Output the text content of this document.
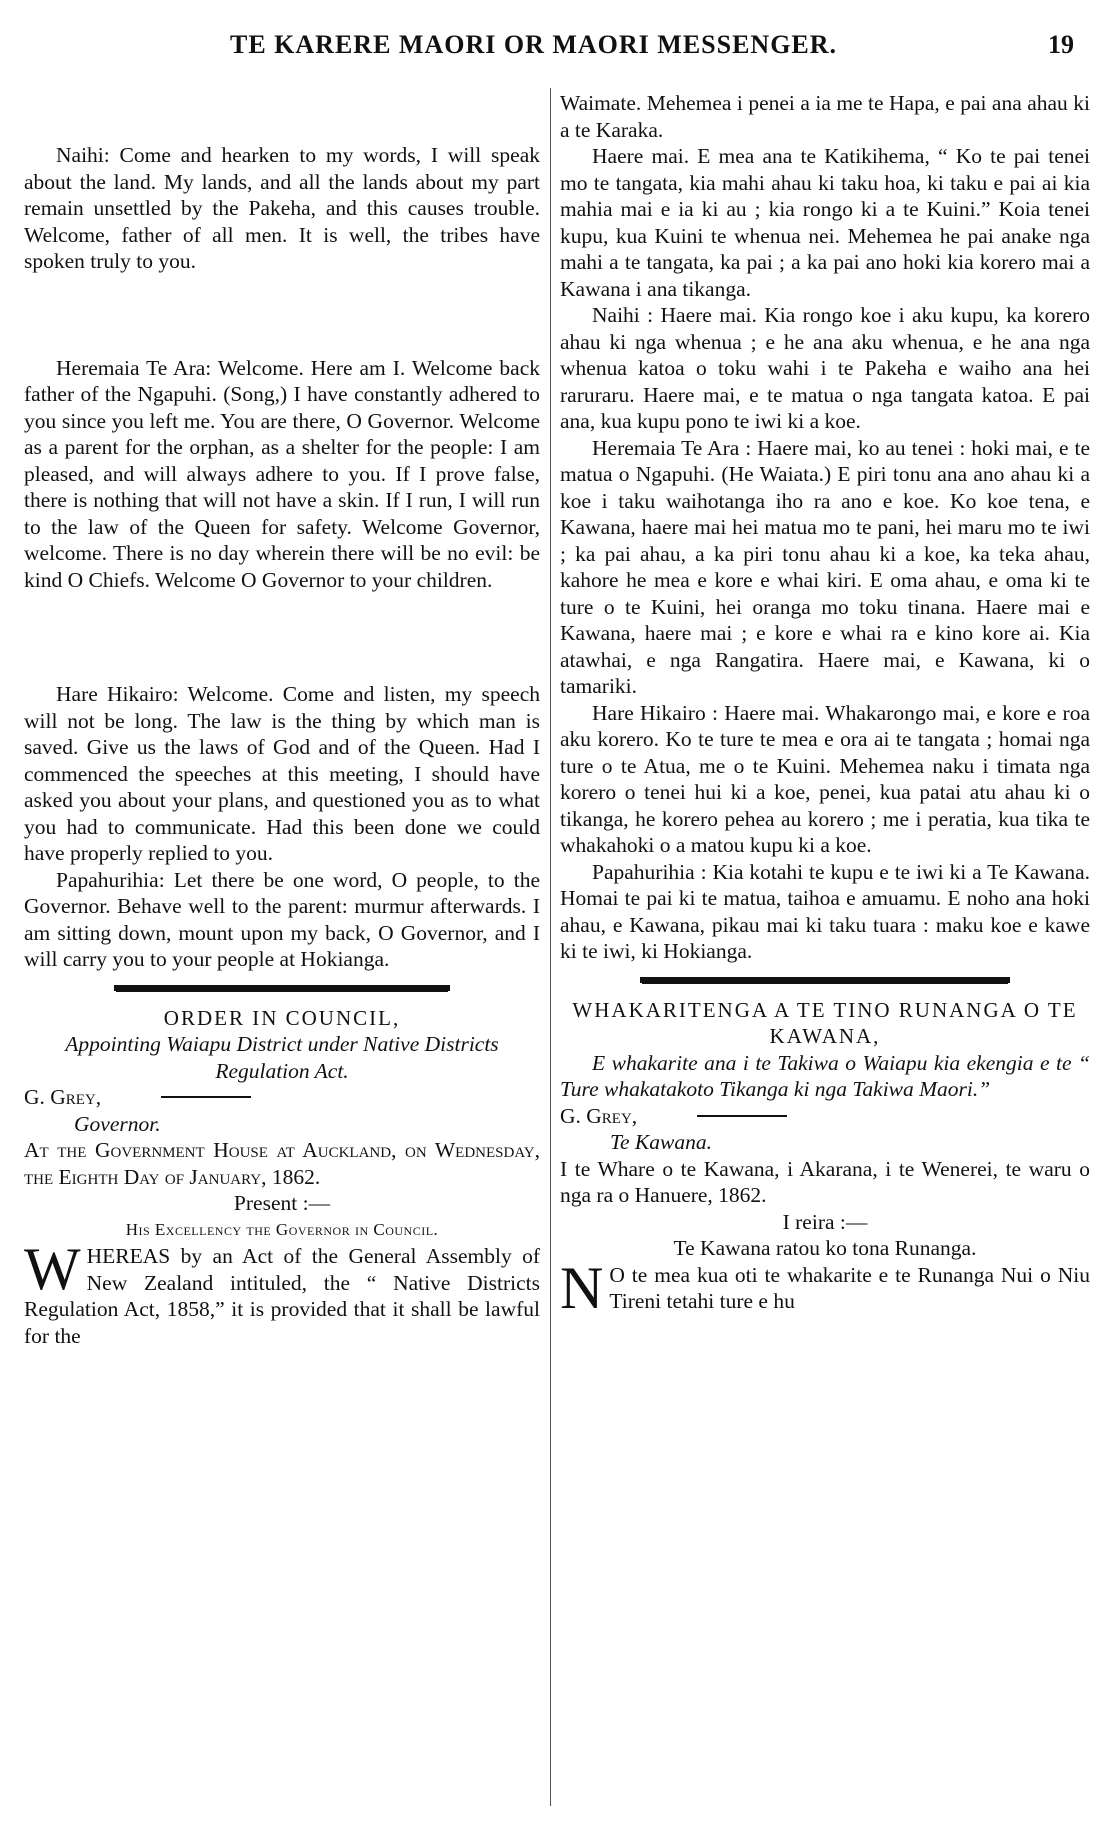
TE KARERE MAORI OR MAORI MESSENGER.	19

Naihi: Come and hearken to my words, I will speak about the land. My lands, and all the lands about my part remain unsettled by the Pakeha, and this causes trouble. Welcome, father of all men. It is well, the tribes have spoken truly to you.

Heremaia Te Ara: Welcome. Here am I. Welcome back father of the Ngapuhi. (Song,) I have constantly adhered to you since you left me. You are there, O Governor. Welcome as a parent for the orphan, as a shelter for the people: I am pleased, and will always adhere to you. If I prove false, there is nothing that will not have a skin. If I run, I will run to the law of the Queen for safety. Welcome Governor, welcome. There is no day wherein there will be no evil: be kind O Chiefs. Welcome O Governor to your children.

Hare Hikairo: Welcome. Come and listen, my speech will not be long. The law is the thing by which man is saved. Give us the laws of God and of the Queen. Had I commenced the speeches at this meeting, I should have asked you about your plans, and questioned you as to what you had to communicate. Had this been done we could have properly replied to you.

Papahurihia: Let there be one word, O people, to the Governor. Behave well to the parent: murmur afterwards. I am sitting down, mount upon my back, O Governor, and I will carry you to your people at Hokianga.

ORDER IN COUNCIL,

Appointing Waiapu District under Native Districts Regulation Act.

G. Grey,

Governor.

At the Government House at Auckland, on Wednesday, the Eighth Day of January, 1862.

Present :—

His Excellency the Governor in Council.

WHEREAS by an Act of the General Assembly of New Zealand intituled, the “ Native Districts Regulation Act, 1858,” it is provided that it shall be lawful for the

Waimate. Mehemea i penei a ia me te Hapa, e pai ana ahau ki a te Karaka.

Haere mai. E mea ana te Katikihema, “ Ko te pai tenei mo te tangata, kia mahi ahau ki taku hoa, ki taku e pai ai kia mahia mai e ia ki au ; kia rongo ki a te Kuini.” Koia tenei kupu, kua Kuini te whenua nei. Mehemea he pai anake nga mahi a te tangata, ka pai ; a ka pai ano hoki kia korero mai a Kawana i ana tikanga.

Naihi : Haere mai. Kia rongo koe i aku kupu, ka korero ahau ki nga whenua ; e he ana aku whenua, e he ana nga whenua katoa o toku wahi i te Pakeha e waiho ana hei raruraru. Haere mai, e te matua o nga tangata katoa. E pai ana, kua kupu pono te iwi ki a koe.

Heremaia Te Ara : Haere mai, ko au tenei : hoki mai, e te matua o Ngapuhi. (He Waiata.) E piri tonu ana ano ahau ki a koe i taku waihotanga iho ra ano e koe. Ko koe tena, e Kawana, haere mai hei matua mo te pani, hei maru mo te iwi ; ka pai ahau, a ka piri tonu ahau ki a koe, ka teka ahau, kahore he mea e kore e whai kiri. E oma ahau, e oma ki te ture o te Kuini, hei oranga mo toku tinana. Haere mai e Kawana, haere mai ; e kore e whai ra e kino kore ai. Kia atawhai, e nga Rangatira. Haere mai, e Kawana, ki o tamariki.

Hare Hikairo : Haere mai. Whakarongo mai, e kore e roa aku korero. Ko te ture te mea e ora ai te tangata ; homai nga ture o te Atua, me o te Kuini. Mehemea naku i timata nga korero o tenei hui ki a koe, penei, kua patai atu ahau ki o tikanga, he korero pehea au korero ; me i peratia, kua tika te whakahoki o a matou kupu ki a koe.

Papahurihia : Kia kotahi te kupu e te iwi ki a Te Kawana. Homai te pai ki te matua, taihoa e amuamu. E noho ana hoki ahau, e Kawana, pikau mai ki taku tuara : maku koe e kawe ki te iwi, ki Hokianga.

WHAKARITENGA A TE TINO RUNANGA O TE KAWANA,

E whakarite ana i te Takiwa o Waiapu kia ekengia e te “ Ture whakatakoto Tikanga ki nga Takiwa Maori.”

G. Grey,

Te Kawana.

I te Whare o te Kawana, i Akarana, i te Wenerei, te waru o nga ra o Hanuere, 1862.

I reira :—

Te Kawana ratou ko tona Runanga.

N O te mea kua oti te whakarite e te Runanga Nui o Niu Tireni tetahi ture e hu
